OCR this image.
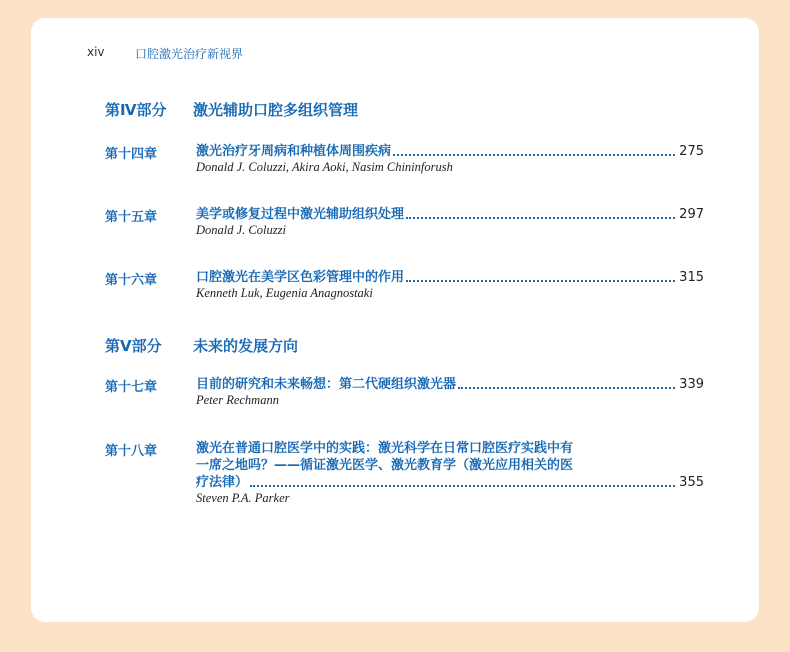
xiv	口腔激光治疗新视界
第Ⅳ部分 激光辅助口腔多组织管理
第十四章	激光治疗牙周病和种植体周围疾病	275
Donald J. Coluzzi, Akira Aoki, Nasim Chininforush
第十五章	美学或修复过程中激光辅助组织处理	297
Donald J. Coluzzi
第十六章	口腔激光在美学区色彩管理中的作用	315
Kenneth Luk, Eugenia Anagnostaki
第Ⅴ部分 未来的发展方向
第十七章	目前的研究和未来畅想：第二代硬组织激光器	339
Peter Rechmann
第十八章	激光在普通口腔医学中的实践：激光科学在日常口腔医疗实践中有
一席之地吗？——循证激光医学、激光教育学（激光应用相关的医
疗法律）	355
Steven P.A. Parker
